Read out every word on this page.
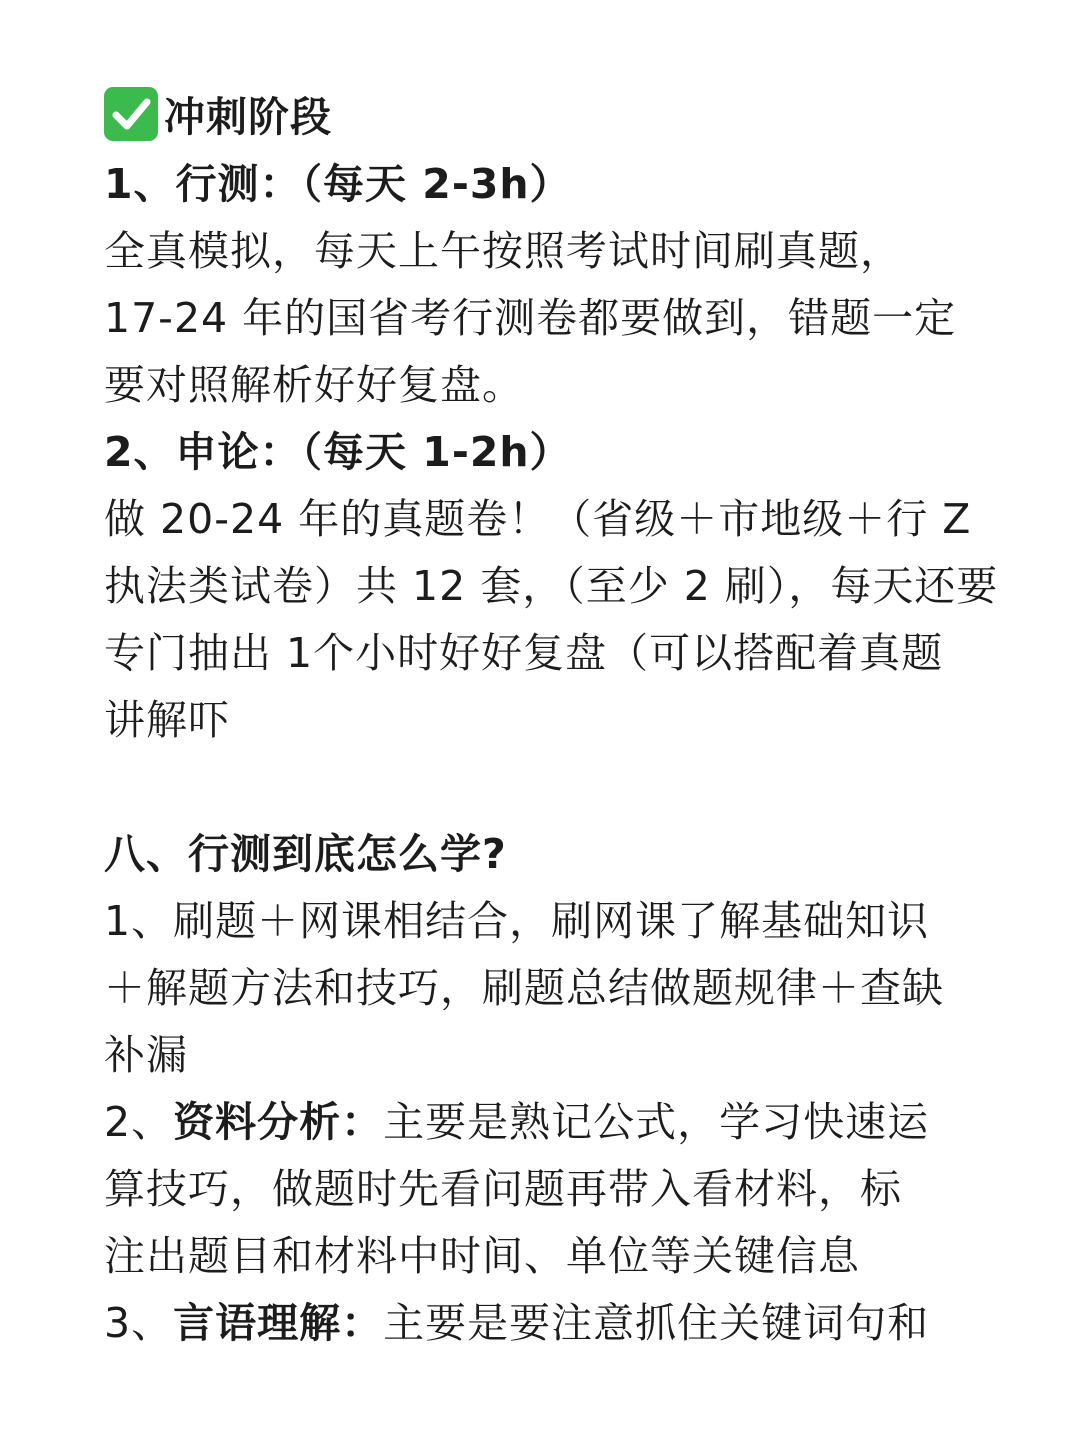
冲刺阶段
1、行测：（每天 2-3h）
全真模拟，每天上午按照考试时间刷真题，
17-24 年的国省考行测卷都要做到，错题一定
要对照解析好好复盘。
2、申论：（每天 1-2h）
做 20-24 年的真题卷！（省级＋市地级＋行 Z
执法类试卷）共 12 套，（至少 2 刷），每天还要
专门抽出 1个小时好好复盘（可以搭配着真题
讲解吓
八、行测到底怎么学?
1、刷题＋网课相结合，刷网课了解基础知识
＋解题方法和技巧，刷题总结做题规律＋查缺
补漏
2、资料分析：主要是熟记公式，学习快速运
算技巧，做题时先看问题再带入看材料，标
注出题目和材料中时间、单位等关键信息
3、言语理解：主要是要注意抓住关键词句和
